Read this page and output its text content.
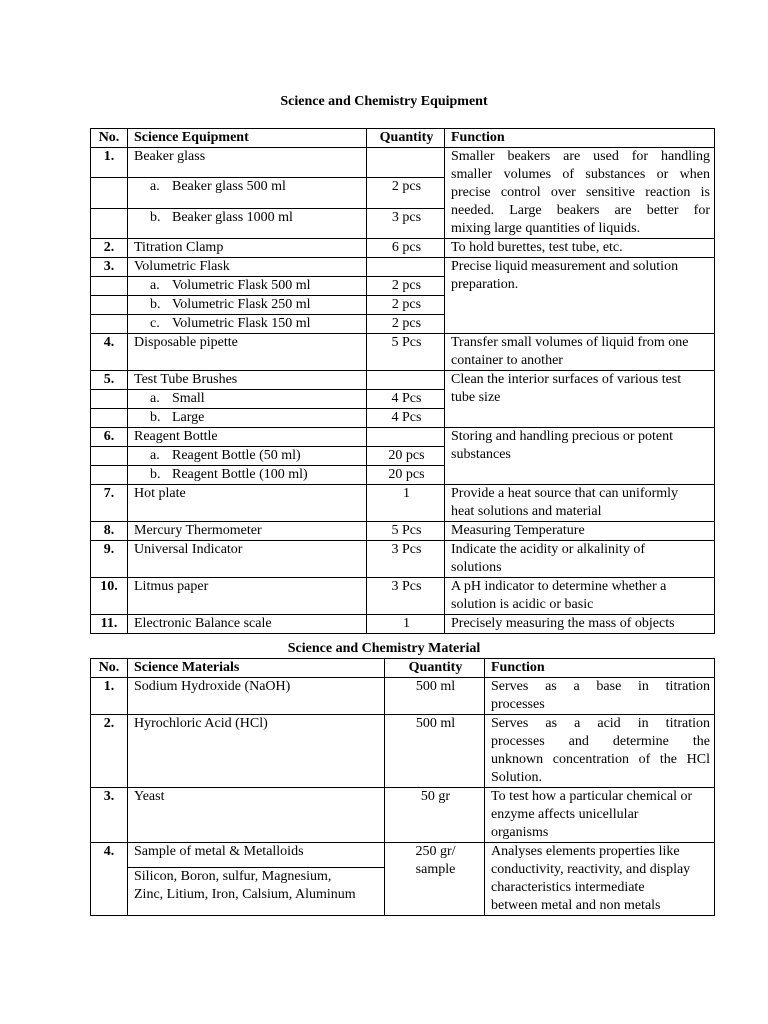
Science and Chemistry Equipment
No.	Science Equipment	Quantity	Function
1.	Beaker glass		Smaller beakers are used for handling
smaller volumes of substances or when
precise control over sensitive reaction is
needed. Large beakers are better for
mixing large quantities of liquids.

	a. Beaker glass 500 ml	2 pcs	
	b. Beaker glass 1000 ml	3 pcs	
2.	Titration Clamp	6 pcs	To hold burettes, test tube, etc.

3.	Volumetric Flask		Precise liquid measurement and solution
preparation.

	a. Volumetric Flask 500 ml	2 pcs	
	b. Volumetric Flask 250 ml	2 pcs	
	c. Volumetric Flask 150 ml	2 pcs	
4.	Disposable pipette	5 Pcs	Transfer small volumes of liquid from one
container to another

5.	Test Tube Brushes		Clean the interior surfaces of various test
tube size

	a. Small	4 Pcs	
	b. Large	4 Pcs	
6.	Reagent Bottle		Storing and handling precious or potent
substances

	a. Reagent Bottle (50 ml)	20 pcs	
	b. Reagent Bottle (100 ml)	20 pcs	
7.	Hot plate	1	Provide a heat source that can uniformly
heat solutions and material

8.	Mercury Thermometer	5 Pcs	Measuring Temperature

9.	Universal Indicator	3 Pcs	Indicate the acidity or alkalinity of
solutions

10.	Litmus paper	3 Pcs	A pH indicator to determine whether a
solution is acidic or basic

11.	Electronic Balance scale	1	Precisely measuring the mass of objects
Science and Chemistry Material
No.	Science Materials	Quantity	Function
1.	Sodium Hydroxide (NaOH)	500 ml	Serves as a base in titration
processes

2.	Hyrochloric Acid (HCl)	500 ml	Serves as a acid in titration
processes and determine the
unknown concentration of the HCl
Solution.

3.	Yeast	50 gr	To test how a particular chemical or
enzyme affects unicellular
organisms

4.	Sample of metal & Metalloids	250 gr/
sample	Analyses elements properties like
conductivity, reactivity, and display
characteristics intermediate
between metal and non metals

	Silicon, Boron, sulfur, Magnesium,
Zinc, Litium, Iron, Calsium, Aluminum		
